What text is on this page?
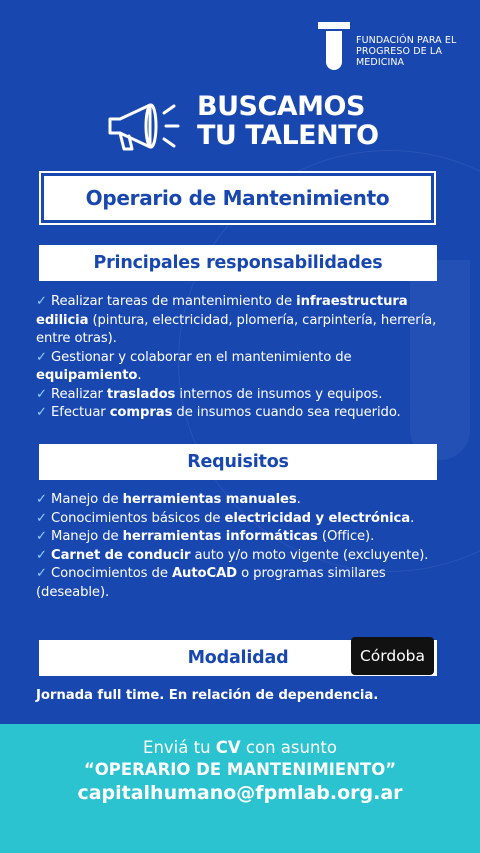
FUNDACIÓN PARA EL
PROGRESO DE LA
MEDICINA
BUSCAMOS
TU TALENTO
Operario de Mantenimiento
Principales responsabilidades
✓ Realizar tareas de mantenimiento de infraestructura edilicia (pintura, electricidad, plomería, carpintería, herrería, entre otras).
✓ Gestionar y colaborar en el mantenimiento de equipamiento.
✓ Realizar traslados internos de insumos y equipos.
✓ Efectuar compras de insumos cuando sea requerido.
Requisitos
✓ Manejo de herramientas manuales.
✓ Conocimientos básicos de electricidad y electrónica.
✓ Manejo de herramientas informáticas (Office).
✓ Carnet de conducir auto y/o moto vigente (excluyente).
✓ Conocimientos de AutoCAD o programas similares (deseable).
Modalidad	Córdoba
Jornada full time. En relación de dependencia.
Enviá tu CV con asunto
“OPERARIO DE MANTENIMIENTO”
capitalhumano@fpmlab.org.ar
